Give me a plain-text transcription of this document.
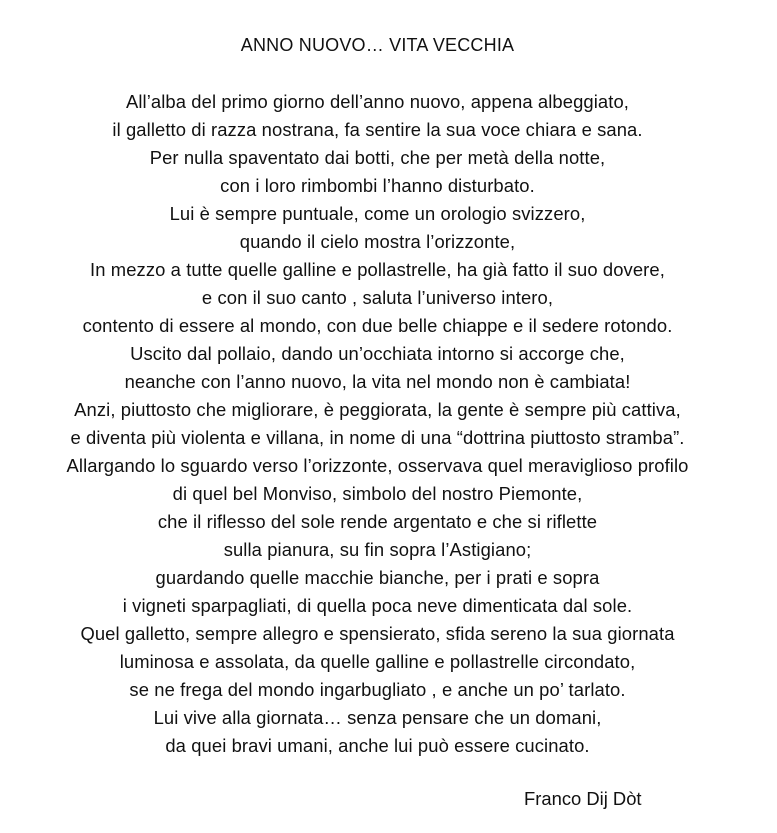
ANNO NUOVO… VITA VECCHIA
All’alba del primo giorno dell’anno nuovo, appena albeggiato,
il galletto di razza nostrana, fa sentire la sua voce chiara e sana.
Per nulla spaventato dai botti, che per metà della notte,
con i loro rimbombi l’hanno disturbato.
Lui è sempre puntuale, come un orologio svizzero,
quando il cielo mostra l’orizzonte,
In mezzo a tutte quelle galline e pollastrelle, ha già fatto il suo dovere,
e con il suo canto , saluta l’universo intero,
contento di essere al mondo, con due belle chiappe e il sedere rotondo.
Uscito dal pollaio, dando un’occhiata intorno si accorge che,
neanche con l’anno nuovo, la vita nel mondo non è cambiata!
Anzi, piuttosto che migliorare, è peggiorata, la gente è sempre più cattiva,
e diventa più violenta e villana, in nome di una “dottrina piuttosto stramba”.
Allargando lo sguardo verso l’orizzonte, osservava quel meraviglioso profilo
di quel bel Monviso, simbolo del nostro Piemonte,
che il riflesso del sole rende argentato e che si riflette
sulla pianura, su fin sopra l’Astigiano;
guardando quelle macchie bianche, per i prati e sopra
i vigneti sparpagliati, di quella poca neve dimenticata dal sole.
Quel galletto, sempre allegro e spensierato, sfida sereno la sua giornata
luminosa e assolata, da quelle galline e pollastrelle circondato,
se ne frega del mondo ingarbugliato , e anche un po’ tarlato.
Lui vive alla giornata… senza pensare che un domani,
da quei bravi umani, anche lui può essere cucinato.
Franco Dij Dòt
